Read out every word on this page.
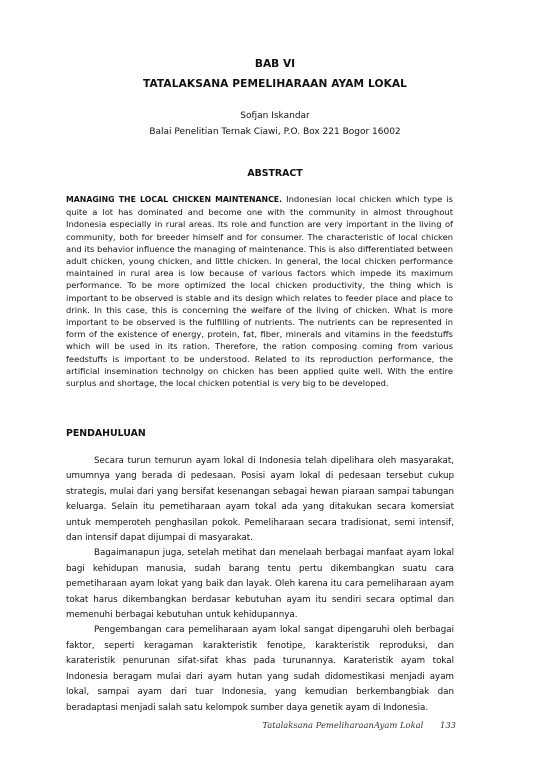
BAB VI
TATALAKSANA PEMELIHARAAN AYAM LOKAL
Sofjan Iskandar
Balai Penelitian Ternak Ciawi, P.O. Box 221 Bogor 16002
ABSTRACT
MANAGING THE LOCAL CHICKEN MAINTENANCE. Indonesian local chicken which type is quite a lot has dominated and become one with the community in almost throughout Indonesia especially in rural areas. Its role and function are very important in the living of community, both for breeder himself and for consumer. The characteristic of local chicken and its behavior influence the managing of maintenance. This is also differentiated between adult chicken, young chicken, and little chicken. In general, the local chicken performance maintained in rural area is low because of various factors which impede its maximum performance. To be more optimized the local chicken productivity, the thing which is important to be observed is stable and its design which relates to feeder place and place to drink. In this case, this is concerning the welfare of the living of chicken. What is more important to be observed is the fulfilling of nutrients. The nutrients can be represented in form of the existence of energy, protein, fat, fiber, minerals and vitamins in the feedstuffs which will be used in its ration. Therefore, the ration composing coming from various feedstuffs is important to be understood. Related to its reproduction performance, the artificial insemination technolgy on chicken has been applied quite well. With the entire surplus and shortage, the local chicken potential is very big to be developed.
PENDAHULUAN

Secara turun temurun ayam lokal di Indonesia telah dipelihara oleh masyarakat, umumnya yang berada di pedesaan. Posisi ayam lokal di pedesaan tersebut cukup strategis, mulai dari yang bersifat kesenangan sebagai hewan piaraan sampai tabungan keluarga. Selain itu pemetiharaan ayam tokal ada yang ditakukan secara komersiat untuk memperoteh penghasilan pokok. Pemeliharaan secara tradisionat, semi intensif, dan intensif dapat dijumpai di masyarakat.

Bagaimanapun juga, setelah metihat dan menelaah berbagai manfaat ayam lokal bagi kehidupan manusia, sudah barang tentu pertu dikembangkan suatu cara pemetiharaan ayam lokat yang baik dan layak. Oleh karena itu cara pemeliharaan ayam tokat harus dikembangkan berdasar kebutuhan ayam itu sendiri secara optimal dan memenuhi berbagai kebutuhan untuk kehidupannya.

Pengembangan cara pemeliharaan ayam lokal sangat dipengaruhi oleh berbagai faktor, seperti keragaman karakteristik fenotipe, karakteristik reproduksi, dan karateristik penurunan sifat-sifat khas pada turunannya. Karateristik ayam tokal Indonesia beragam mulai dari ayam hutan yang sudah didomestikasi menjadi ayam lokal, sampai ayam dari tuar Indonesia, yang kemudian berkembangbiak dan beradaptasi menjadi salah satu kelompok sumber daya genetik ayam di Indonesia.

Tatalaksana PemeliharaanAyam Lokal 133
